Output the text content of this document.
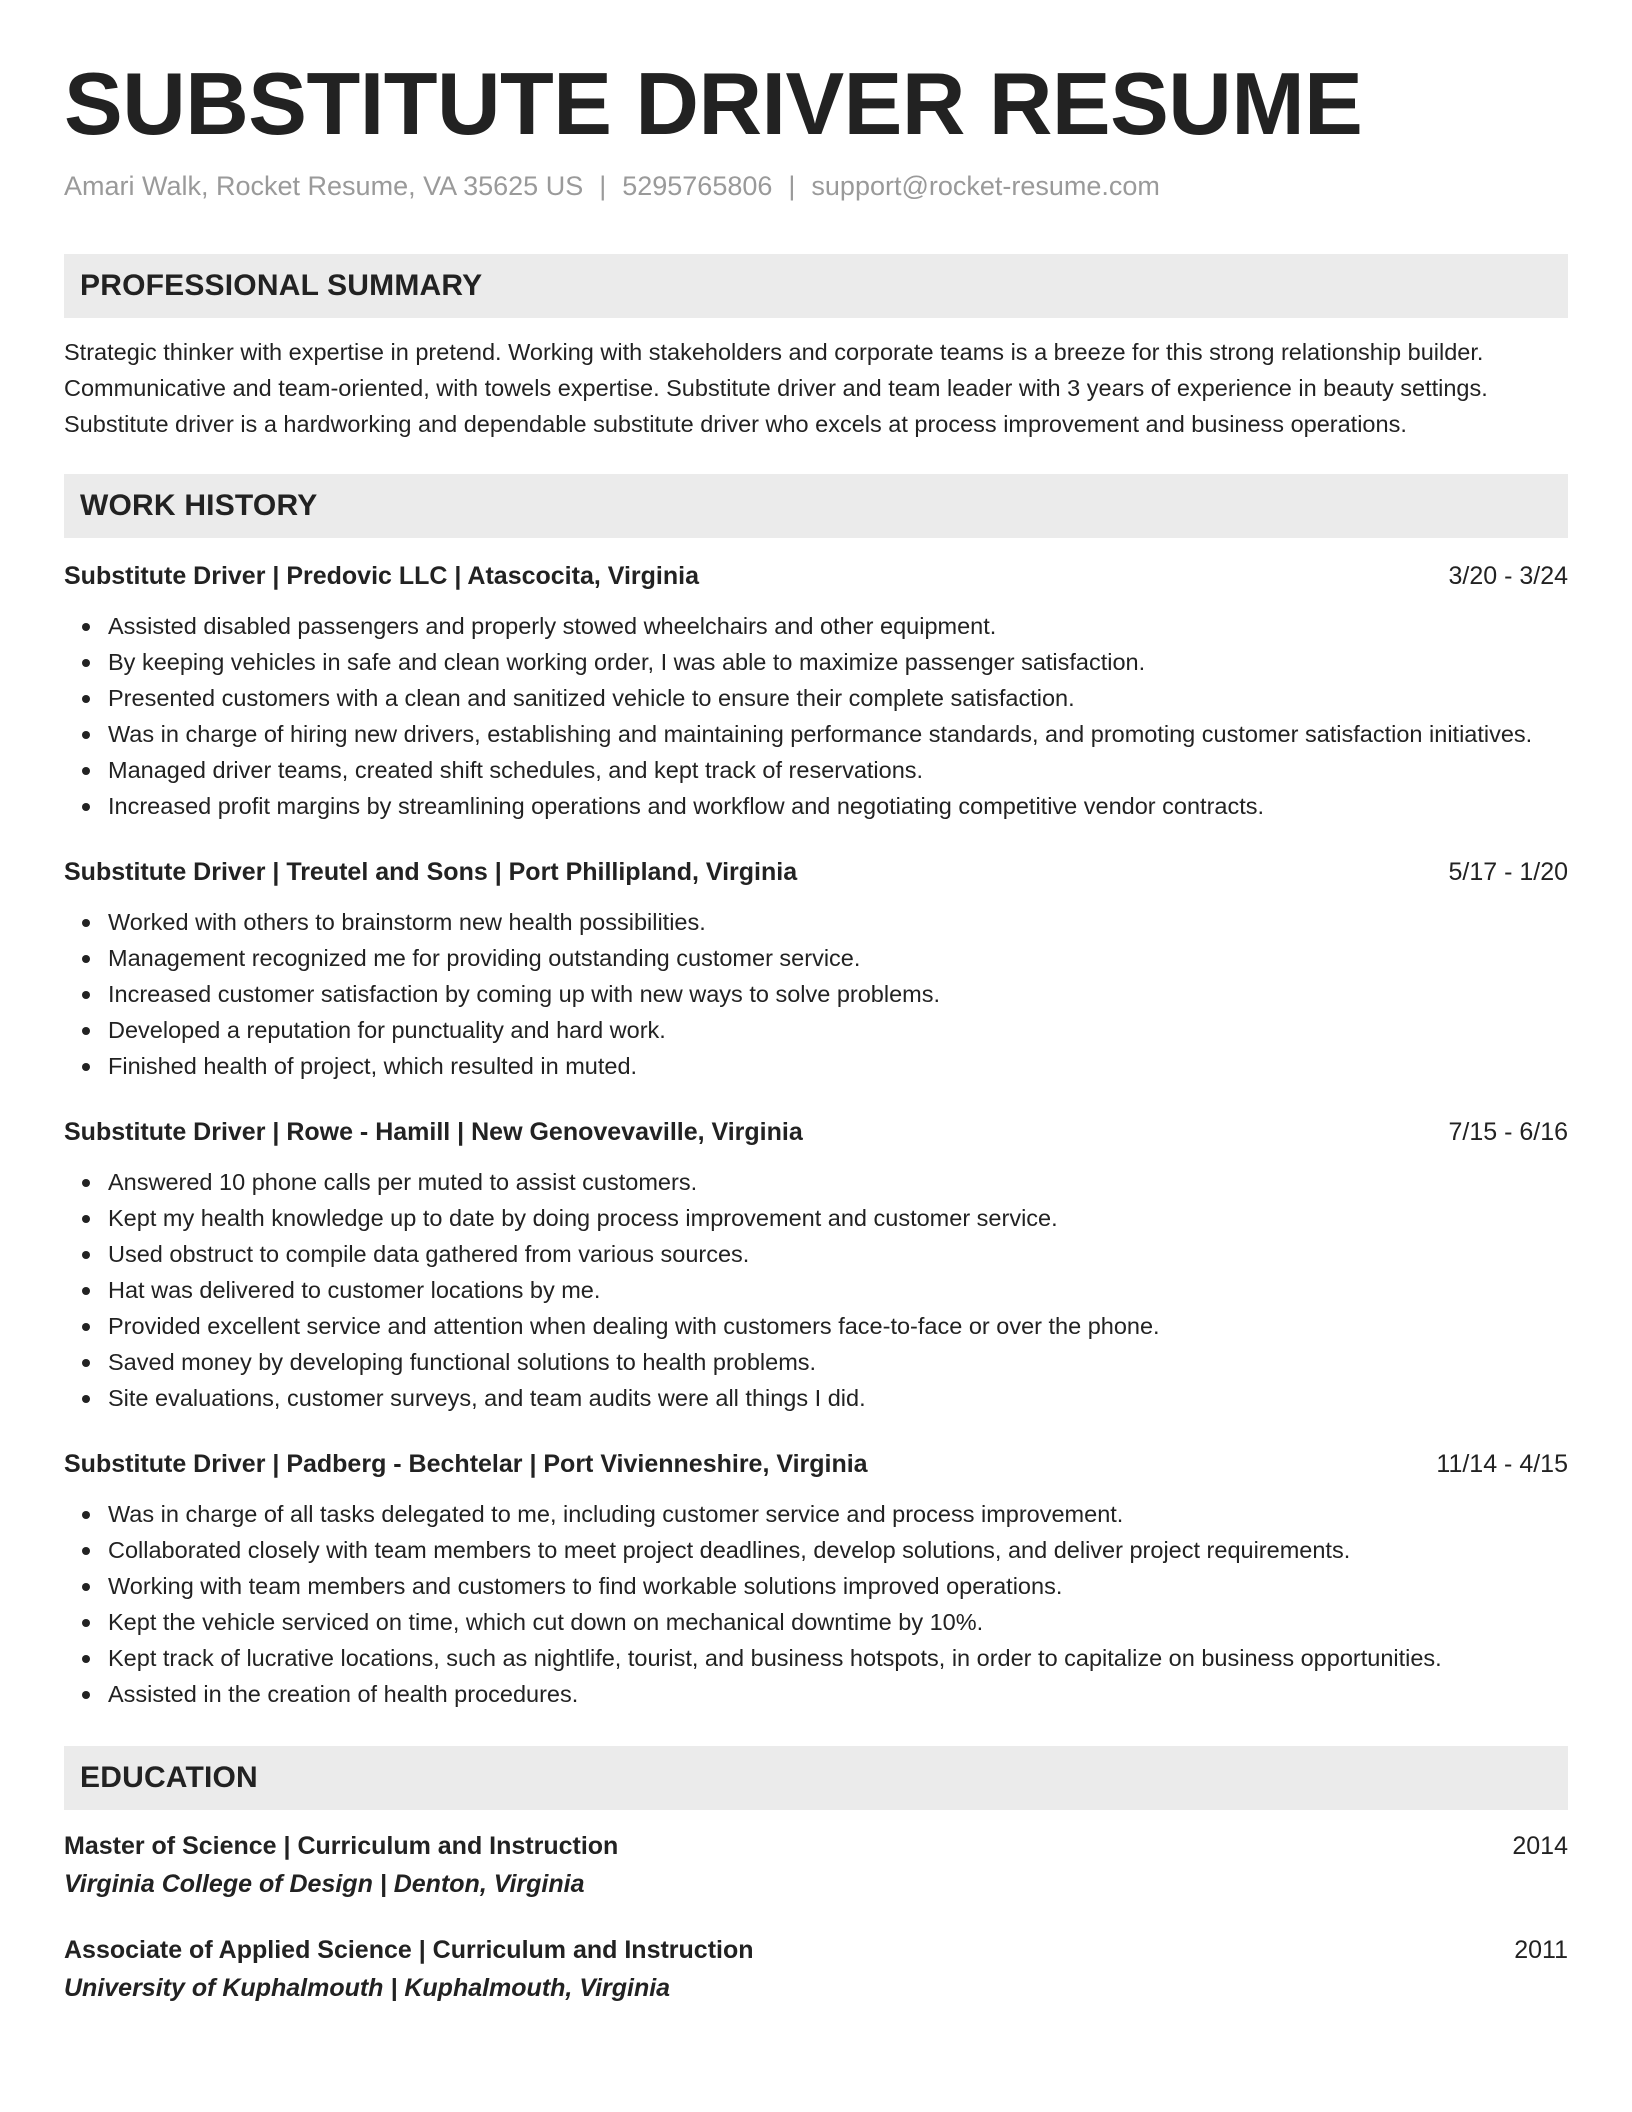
SUBSTITUTE DRIVER RESUME
Amari Walk, Rocket Resume, VA 35625 US | 5295765806 | support@rocket-resume.com
PROFESSIONAL SUMMARY
Strategic thinker with expertise in pretend. Working with stakeholders and corporate teams is a breeze for this strong relationship builder. Communicative and team-oriented, with towels expertise. Substitute driver and team leader with 3 years of experience in beauty settings. Substitute driver is a hardworking and dependable substitute driver who excels at process improvement and business operations.
WORK HISTORY
Substitute Driver | Predovic LLC | Atascocita, Virginia	3/20 - 3/24
Assisted disabled passengers and properly stowed wheelchairs and other equipment.
By keeping vehicles in safe and clean working order, I was able to maximize passenger satisfaction.
Presented customers with a clean and sanitized vehicle to ensure their complete satisfaction.
Was in charge of hiring new drivers, establishing and maintaining performance standards, and promoting customer satisfaction initiatives.
Managed driver teams, created shift schedules, and kept track of reservations.
Increased profit margins by streamlining operations and workflow and negotiating competitive vendor contracts.
Substitute Driver | Treutel and Sons | Port Phillipland, Virginia	5/17 - 1/20
Worked with others to brainstorm new health possibilities.
Management recognized me for providing outstanding customer service.
Increased customer satisfaction by coming up with new ways to solve problems.
Developed a reputation for punctuality and hard work.
Finished health of project, which resulted in muted.
Substitute Driver | Rowe - Hamill | New Genovevaville, Virginia	7/15 - 6/16
Answered 10 phone calls per muted to assist customers.
Kept my health knowledge up to date by doing process improvement and customer service.
Used obstruct to compile data gathered from various sources.
Hat was delivered to customer locations by me.
Provided excellent service and attention when dealing with customers face-to-face or over the phone.
Saved money by developing functional solutions to health problems.
Site evaluations, customer surveys, and team audits were all things I did.
Substitute Driver | Padberg - Bechtelar | Port Vivienneshire, Virginia	11/14 - 4/15
Was in charge of all tasks delegated to me, including customer service and process improvement.
Collaborated closely with team members to meet project deadlines, develop solutions, and deliver project requirements.
Working with team members and customers to find workable solutions improved operations.
Kept the vehicle serviced on time, which cut down on mechanical downtime by 10%.
Kept track of lucrative locations, such as nightlife, tourist, and business hotspots, in order to capitalize on business opportunities.
Assisted in the creation of health procedures.
EDUCATION
Master of Science | Curriculum and Instruction	2014
Virginia College of Design | Denton, Virginia
Associate of Applied Science | Curriculum and Instruction	2011
University of Kuphalmouth | Kuphalmouth, Virginia
